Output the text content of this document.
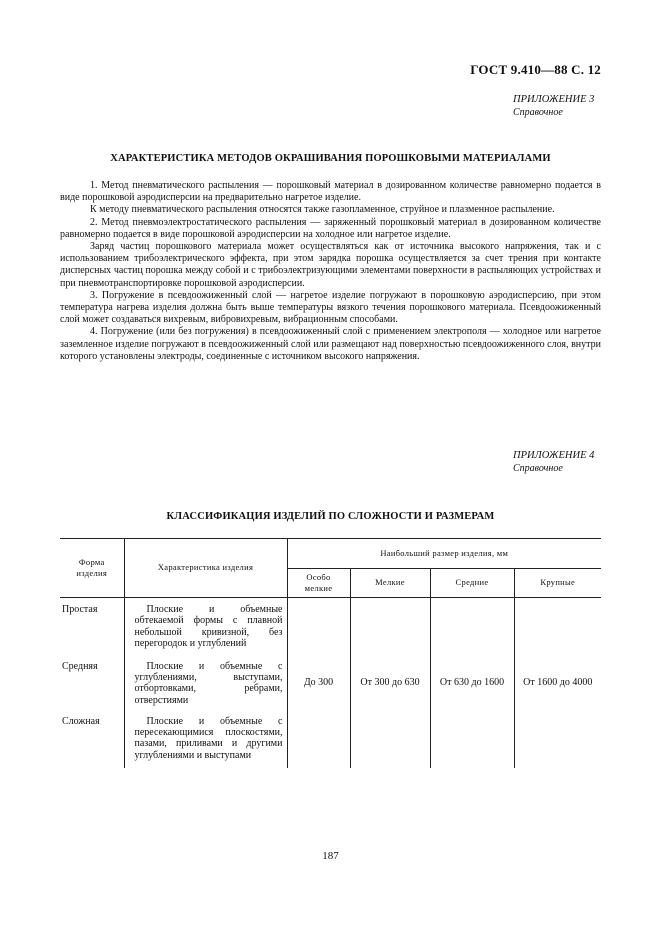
ГОСТ 9.410—88 С. 12
ПРИЛОЖЕНИЕ 3
Справочное
ХАРАКТЕРИСТИКА МЕТОДОВ ОКРАШИВАНИЯ ПОРОШКОВЫМИ МАТЕРИАЛАМИ

1. Метод пневматического распыления — порошковый материал в дозированном количестве равномерно подается в виде порошковой аэродисперсии на предварительно нагретое изделие.

К методу пневматического распыления относятся также газопламенное, струйное и плазменное распыление.

2. Метод пневмоэлектростатического распыления — заряженный порошковый материал в дозированном количестве равномерно подается в виде порошковой аэродисперсии на холодное или нагретое изделие.

Заряд частиц порошкового материала может осуществляться как от источника высокого напряжения, так и с использованием трибоэлектрического эффекта, при этом зарядка порошка осуществляется за счет трения при контакте дисперсных частиц порошка между собой и с трибоэлектризующими элементами поверхности в распыляющих устройствах и при пневмотранспортировке порошковой аэродисперсии.

3. Погружение в псевдоожиженный слой — нагретое изделие погружают в порошковую аэродисперсию, при этом температура нагрева изделия должна быть выше температуры вязкого течения порошкового материала. Псевдоожиженный слой может создаваться вихревым, вибровихревым, вибрационным способами.

4. Погружение (или без погружения) в псевдоожиженный слой с применением электрополя — холодное или нагретое заземленное изделие погружают в псевдоожиженный слой или размещают над поверхностью псевдоожиженного слоя, внутри которого установлены электроды, соединенные с источником высокого напряжения.

ПРИЛОЖЕНИЕ 4
Справочное
КЛАССИФИКАЦИЯ ИЗДЕЛИЙ ПО СЛОЖНОСТИ И РАЗМЕРАМ
Форма изделия	Характеристика изделия	Наибольший размер изделия, мм			
		Особо мелкие	Мелкие	Средние	Крупные
Простая	Плоские и объемные обтекаемой формы с плавной небольшой кривизной, без перегородок и углублений	До 300	От 300 до 630	От 630 до 1600	От 1600 до 4000
Средняя	Плоские и объемные с углублениями, выступами, отбортовками, ребрами, отверстиями				
Сложная	Плоские и объемные с пересекающимися плоскостями, пазами, приливами и другими углублениями и выступами				
187
